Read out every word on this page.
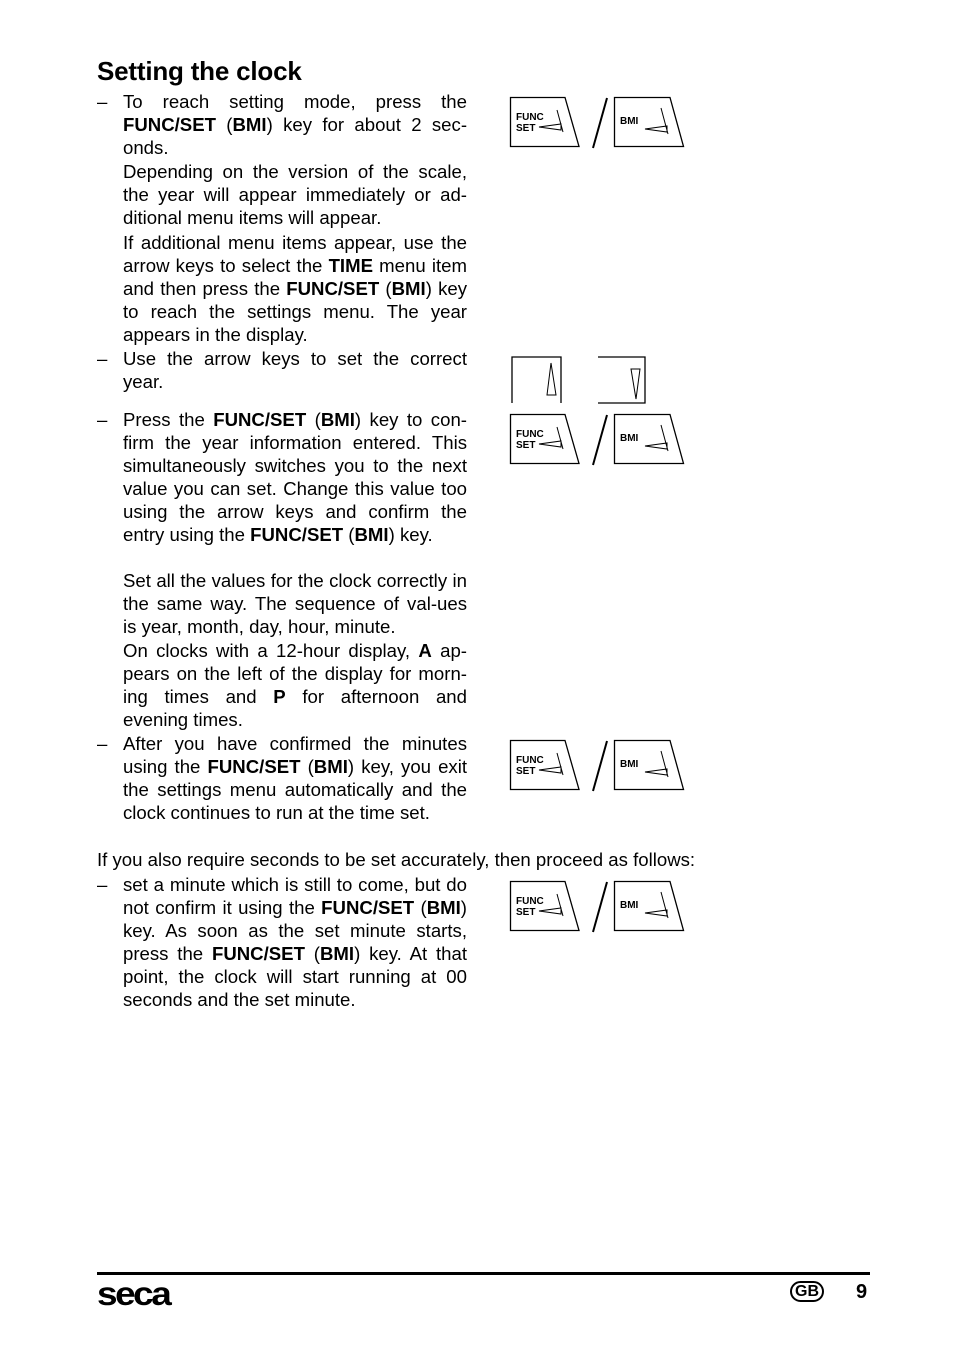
Setting the clock
– To reach setting mode, press the FUNC/SET (BMI) key for about 2 sec-onds.

Depending on the version of the scale, the year will appear immediately or ad-ditional menu items will appear.

If additional menu items appear, use the arrow keys to select the TIME menu item and then press the FUNC/SET (BMI) key to reach the settings menu. The year appears in the display.

– Use the arrow keys to set the correct year.

– Press the FUNC/SET (BMI) key to con-firm the year information entered. This simultaneously switches you to the next value you can set. Change this value too using the arrow keys and confirm the entry using the FUNC/SET (BMI) key.

Set all the values for the clock correctly in the same way. The sequence of val-ues is year, month, day, hour, minute.

On clocks with a 12-hour display, A ap-pears on the left of the display for morn-ing times and P for afternoon and evening times.

– After you have confirmed the minutes using the FUNC/SET (BMI) key, you exit the settings menu automatically and the clock continues to run at the time set.

If you also require seconds to be set accurately, then proceed as follows:

– set a minute which is still to come, but do not confirm it using the FUNC/SET (BMI) key. As soon as the set minute starts, press the FUNC/SET (BMI) key. At that point, the clock will start running at 00 seconds and the set minute.

FUNC
SET
BMI
FUNC
SET
BMI
FUNC
SET
BMI
FUNC
SET
BMI
seca	GB 9
